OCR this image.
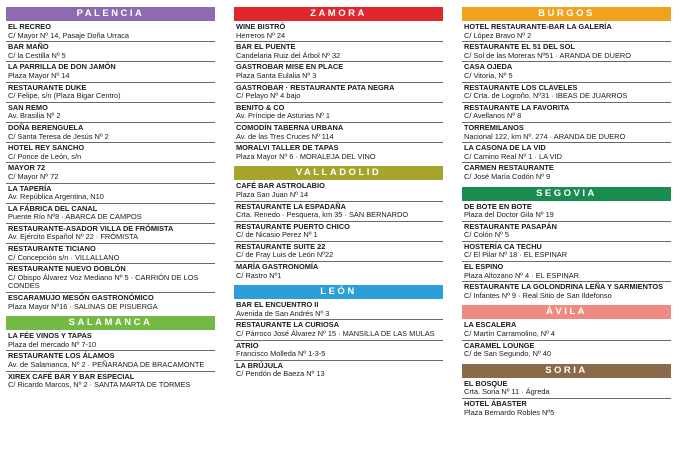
PALENCIA
EL RECREO
C/ Mayor Nº 14, Pasaje Doña Urraca
BAR MAÑO
C/ la Cestilla Nº 5
LA PARRILLA DE DON JAMÓN
Plaza Mayor Nº 14
RESTAURANTE DUKE
C/ Felipe, s/n (Plaza Bigar Centro)
SAN REMO
Av. Brasilia Nº 2
DOÑA BERENGUELA
C/ Santa Teresa de Jesús Nº 2
HOTEL REY SANCHO
C/ Ponce de León, s/n
MAYOR 72
C/ Mayor Nº 72
LA TAPERÍA
Av. República Argentina, N10
LA FÁBRICA DEL CANAL
Puente Río Nº8 · ABARCA DE CAMPOS
RESTAURANTE-ASADOR VILLA DE FRÓMISTA
Av. Ejército Español Nº 22 · FRÓMISTA
RESTAURANTE TICIANO
C/ Concepción s/n · VILLALLANO
RESTAURANTE NUEVO DOBLÓN
C/ Obispo Álvarez Voz Mediano Nº 5 · CARRIÓN DE LOS CONDES
ESCARAMUJO MESÓN GASTRONÓMICO
Plaza Mayor Nº16 · SALINAS DE PISUERGA
SALAMANCA
LA FÉE VINOS Y TAPAS
Plaza del mercado Nº 7-10
RESTAURANTE LOS ÁLAMOS
Av. de Salamanca, Nº 2 · PEÑARANDA DE BRACAMONTE
XIREX CAFÉ BAR Y BAR ESPECIAL
C/ Ricardo Marcos, Nº 2 · SANTA MARTA DE TORMES
ZAMORA
WINE BISTRÓ
Herreros Nº 24
BAR EL PUENTE
Candelaria Ruiz del Árbol Nº 32
GASTROBAR MISE EN PLACE
Plaza Santa Eulalia Nº 3
GASTROBAR · RESTAURANTE PATA NEGRA
C/ Pelayo Nº 4 bajo
BENITO & CO
Av. Príncipe de Asturias Nº 1
COMODÍN TABERNA URBANA
Av. de las Tres Cruces Nº 114
MORALVI TALLER DE TAPAS
Plaza Mayor Nº 6 · MORALEJA DEL VINO
VALLADOLID
CAFÉ BAR ASTROLABIO
Plaza San Juan Nº 14
RESTAURANTE LA ESPADAÑA
Crta. Renedo · Pesquera, km 35 · SAN BERNARDO
RESTAURANTE PUERTO CHICO
C/ de Nicasio Perez Nº 1
RESTAURANTE SUITE 22
C/ de Fray Luis de León Nº22
MARÍA GASTRONOMÍA
C/ Rastro Nº1
LEÓN
BAR EL ENCUENTRO II
Avenida de San Andrés Nº 3
RESTAURANTE LA CURIOSA
C/ Párroco José Álvarez Nº 15 · MANSILLA DE LAS MULAS
ATRIO
Francisco Molleda Nº 1-3-5
LA BRÚJULA
C/ Pendón de Baeza Nº 13
BURGOS
HOTEL RESTAURANTE-BAR LA GALERÍA
C/ López Bravo Nº 2
RESTAURANTE EL 51 DEL SOL
C/ Sol de las Moreras Nº51 · ARANDA DE DUERO
CASA OJEDA
C/ Vitoria, Nº 5
RESTAURANTE LOS CLAVELES
C/ Crta. de Logroño, Nº31 · IBEAS DE JUARROS
RESTAURANTE LA FAVORITA
C/ Avellanos Nº 8
TORREMILANOS
Nacional 122, km Nº. 274 · ARANDA DE DUERO
LA CASONA DE LA VID
C/ Camino Real Nº 1 · LA VID
CARMEN RESTAURANTE
C/ José María Codón Nº 9
SEGOVIA
DE BOTE EN BOTE
Plaza del Doctor Gila Nº 19
RESTAURANTE PASAPÁN
C/ Colón Nº 5
HOSTERÍA CA TECHU
C/ El Pilar Nº 18 · EL ESPINAR
EL ESPINO
Plaza Altozano Nº 4 · EL ESPINAR
RESTAURANTE LA GOLONDRINA LEÑA Y SARMIENTOS
C/ Infantes Nº 9 · Real Sitio de San Ildefonso
ÁVILA
LA ESCALERA
C/ Martín Carramolino, Nº 4
CARAMEL LOUNGE
C/ de San Segundo, Nº 40
SORIA
EL BOSQUE
Crta. Soria Nº 11 · Ágreda
HOTEL ÁBASTER
Plaza Bernardo Robles Nº5
